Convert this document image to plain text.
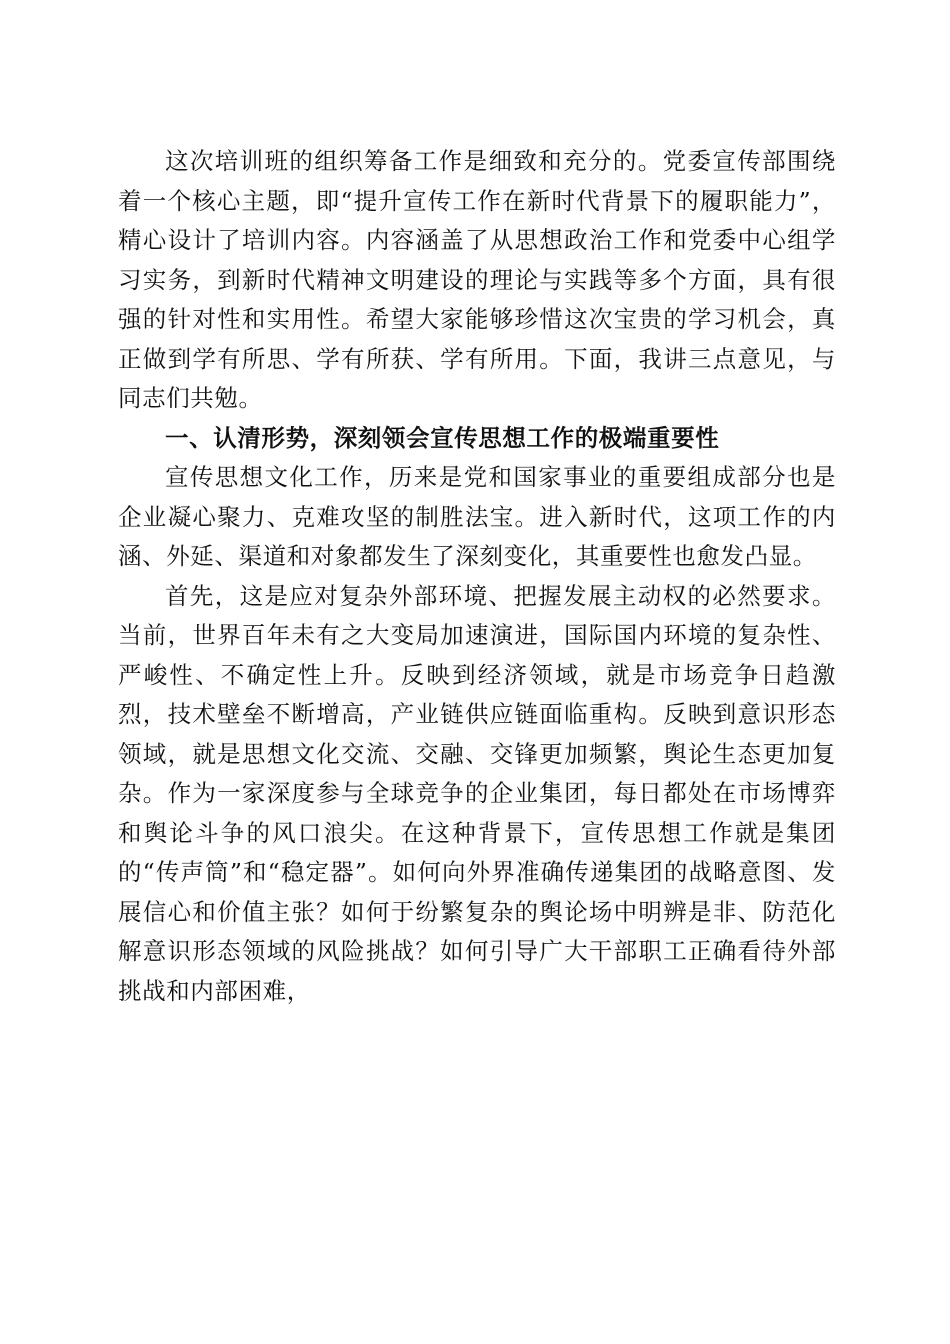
这次培训班的组织筹备工作是细致和充分的。党委宣传部围绕着一个核心主题，即“提升宣传工作在新时代背景下的履职能力”，精心设计了培训内容。内容涵盖了从思想政治工作和党委中心组学习实务，到新时代精神文明建设的理论与实践等多个方面，具有很强的针对性和实用性。希望大家能够珍惜这次宝贵的学习机会，真正做到学有所思、学有所获、学有所用。下面，我讲三点意见，与同志们共勉。

一、认清形势，深刻领会宣传思想工作的极端重要性

宣传思想文化工作，历来是党和国家事业的重要组成部分也是企业凝心聚力、克难攻坚的制胜法宝。进入新时代，这项工作的内涵、外延、渠道和对象都发生了深刻变化，其重要性也愈发凸显。

首先，这是应对复杂外部环境、把握发展主动权的必然要求。当前，世界百年未有之大变局加速演进，国际国内环境的复杂性、严峻性、不确定性上升。反映到经济领域，就是市场竞争日趋激烈，技术壁垒不断增高，产业链供应链面临重构。反映到意识形态领域，就是思想文化交流、交融、交锋更加频繁，舆论生态更加复杂。作为一家深度参与全球竞争的企业集团，每日都处在市场博弈和舆论斗争的风口浪尖。在这种背景下，宣传思想工作就是集团的“传声筒”和“稳定器”。如何向外界准确传递集团的战略意图、发展信心和价值主张？如何于纷繁复杂的舆论场中明辨是非、防范化解意识形态领域的风险挑战？如何引导广大干部职工正确看待外部挑战和内部困难，
